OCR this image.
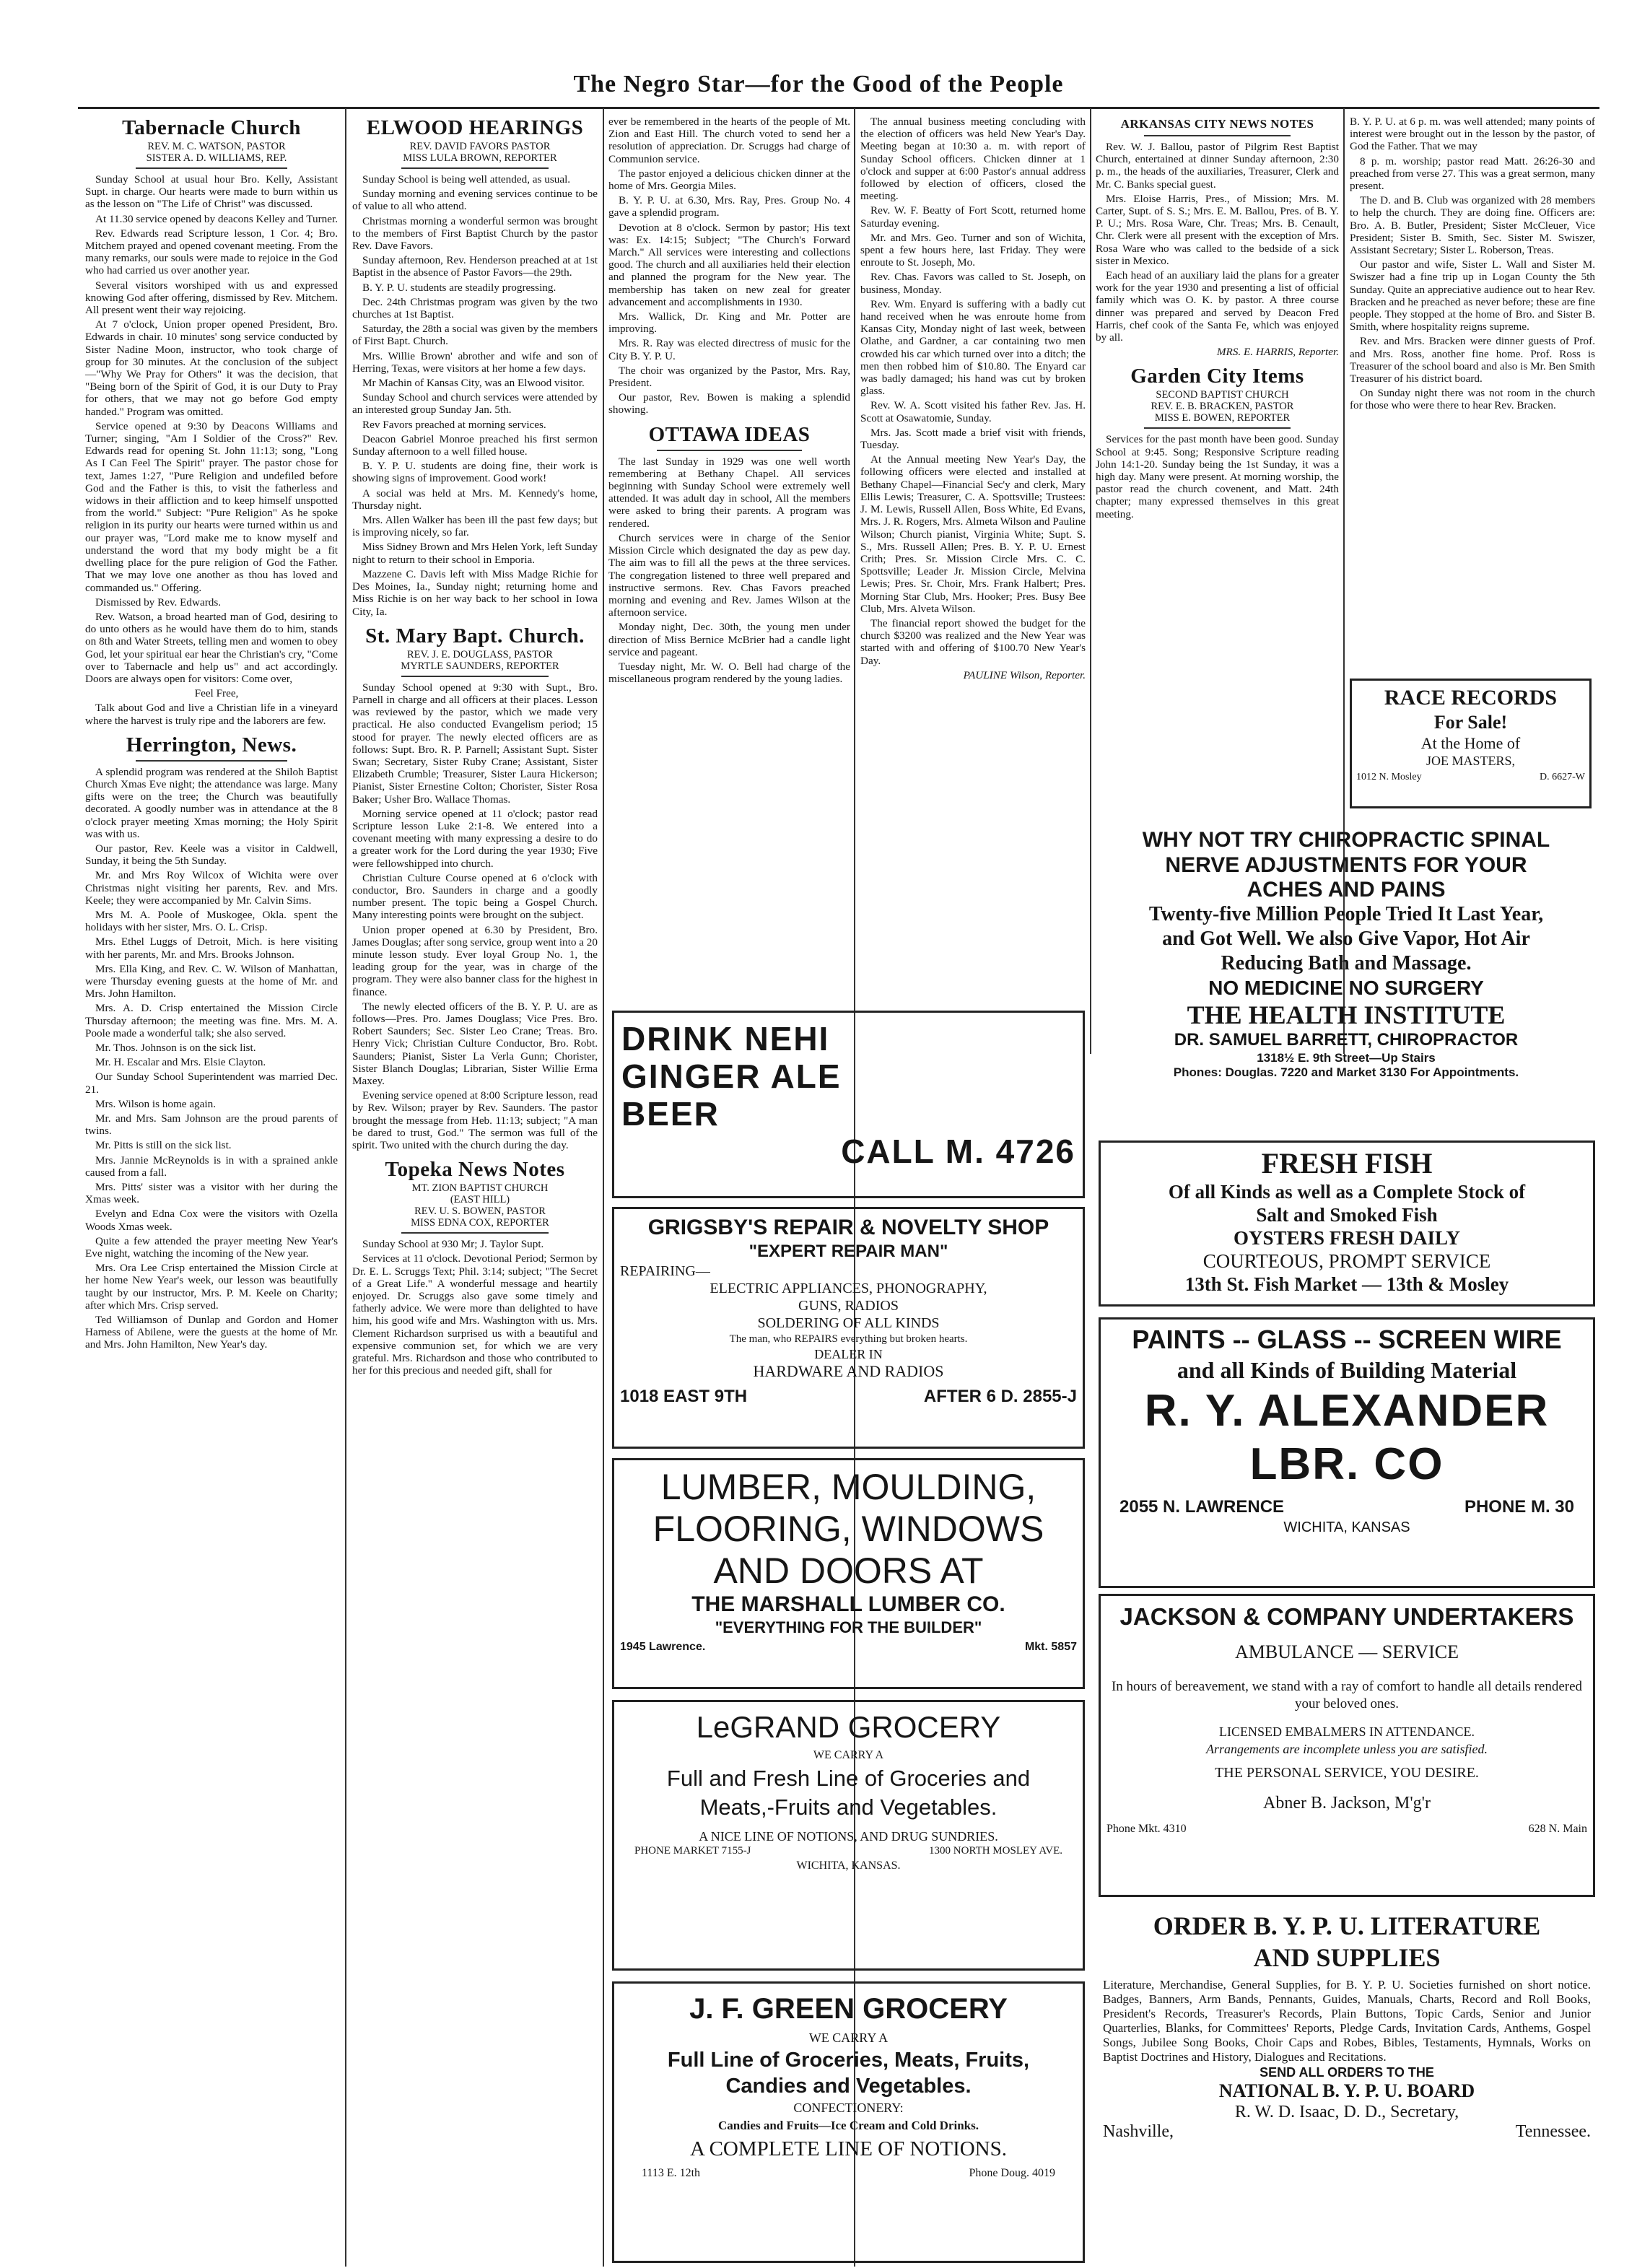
The Negro Star—for the Good of the People
Tabernacle Church

REV. M. C. WATSON, PASTOR

SISTER A. D. WILLIAMS, REP.

Sunday School at usual hour Bro. Kelly, Assistant Supt. in charge. Our hearts were made to burn within us as the lesson on "The Life of Christ" was discussed.

At 11.30 service opened by deacons Kelley and Turner.

Rev. Edwards read Scripture lesson, 1 Cor. 4; Bro. Mitchem prayed and opened covenant meeting. From the many remarks, our souls were made to rejoice in the God who had carried us over another year.

Several visitors worshiped with us and expressed knowing God after offering, dismissed by Rev. Mitchem. All present went their way rejoicing.

At 7 o'clock, Union proper opened President, Bro. Edwards in chair. 10 minutes' song service conducted by Sister Nadine Moon, instructor, who took charge of group for 30 minutes. At the conclusion of the subject—"Why We Pray for Others" it was the decision, that "Being born of the Spirit of God, it is our Duty to Pray for others, that we may not go before God empty handed." Program was omitted.

Service opened at 9:30 by Deacons Williams and Turner; singing, "Am I Soldier of the Cross?" Rev. Edwards read for opening St. John 11:13; song, "Long As I Can Feel The Spirit" prayer. The pastor chose for text, James 1:27, "Pure Religion and undefiled before God and the Father is this, to visit the fatherless and widows in their affliction and to keep himself unspotted from the world." Subject: "Pure Religion" As he spoke religion in its purity our hearts were turned within us and our prayer was, "Lord make me to know myself and understand the word that my body might be a fit dwelling place for the pure religion of God the Father. That we may love one another as thou has loved and commanded us." Offering.

Dismissed by Rev. Edwards.

Rev. Watson, a broad hearted man of God, desiring to do unto others as he would have them do to him, stands on 8th and Water Streets, telling men and women to obey God, let your spiritual ear hear the Christian's cry, "Come over to Tabernacle and help us" and act accordingly. Doors are always open for visitors: Come over,

Feel Free,

Talk about God and live a Christian life in a vineyard where the harvest is truly ripe and the laborers are few.

Herrington, News.

A splendid program was rendered at the Shiloh Baptist Church Xmas Eve night; the attendance was large. Many gifts were on the tree; the Church was beautifully decorated. A goodly number was in attendance at the 8 o'clock prayer meeting Xmas morning; the Holy Spirit was with us.

Our pastor, Rev. Keele was a visitor in Caldwell, Sunday, it being the 5th Sunday.

Mr. and Mrs Roy Wilcox of Wichita were over Christmas night visiting her parents, Rev. and Mrs. Keele; they were accompanied by Mr. Calvin Sims.

Mrs M. A. Poole of Muskogee, Okla. spent the holidays with her sister, Mrs. O. L. Crisp.

Mrs. Ethel Luggs of Detroit, Mich. is here visiting with her parents, Mr. and Mrs. Brooks Johnson.

Mrs. Ella King, and Rev. C. W. Wilson of Manhattan, were Thursday evening guests at the home of Mr. and Mrs. John Hamilton.

Mrs. A. D. Crisp entertained the Mission Circle Thursday afternoon; the meeting was fine. Mrs. M. A. Poole made a wonderful talk; she also served.

Mr. Thos. Johnson is on the sick list.

Mr. H. Escalar and Mrs. Elsie Clayton.

Our Sunday School Superintendent was married Dec. 21.

Mrs. Wilson is home again.

Mr. and Mrs. Sam Johnson are the proud parents of twins.

Mr. Pitts is still on the sick list.

Mrs. Jannie McReynolds is in with a sprained ankle caused from a fall.

Mrs. Pitts' sister was a visitor with her during the Xmas week.

Evelyn and Edna Cox were the visitors with Ozella Woods Xmas week.

Quite a few attended the prayer meeting New Year's Eve night, watching the incoming of the New year.

Mrs. Ora Lee Crisp entertained the Mission Circle at her home New Year's week, our lesson was beautifully taught by our instructor, Mrs. P. M. Keele on Charity; after which Mrs. Crisp served.

Ted Williamson of Dunlap and Gordon and Homer Harness of Abilene, were the guests at the home of Mr. and Mrs. John Hamilton, New Year's day.

ELWOOD HEARINGS

REV. DAVID FAVORS PASTOR

MISS LULA BROWN, REPORTER

Sunday School is being well attended, as usual.

Sunday morning and evening services continue to be of value to all who attend.

Christmas morning a wonderful sermon was brought to the members of First Baptist Church by the pastor Rev. Dave Favors.

Sunday afternoon, Rev. Henderson preached at at 1st Baptist in the absence of Pastor Favors—the 29th.

B. Y. P. U. students are steadily progressing.

Dec. 24th Christmas program was given by the two churches at 1st Baptist.

Saturday, the 28th a social was given by the members of First Bapt. Church.

Mrs. Willie Brown' abrother and wife and son of Herring, Texas, were visitors at her home a few days.

Mr Machin of Kansas City, was an Elwood visitor.

Sunday School and church services were attended by an interested group Sunday Jan. 5th.

Rev Favors preached at morning services.

Deacon Gabriel Monroe preached his first sermon Sunday afternoon to a well filled house.

B. Y. P. U. students are doing fine, their work is showing signs of improvement. Good work!

A social was held at Mrs. M. Kennedy's home, Thursday night.

Mrs. Allen Walker has been ill the past few days; but is improving nicely, so far.

Miss Sidney Brown and Mrs Helen York, left Sunday night to return to their school in Emporia.

Mazzene C. Davis left with Miss Madge Richie for Des Moines, Ia., Sunday night; returning home and Miss Richie is on her way back to her school in Iowa City, Ia.

St. Mary Bapt. Church.

REV. J. E. DOUGLASS, PASTOR

MYRTLE SAUNDERS, REPORTER

Sunday School opened at 9:30 with Supt., Bro. Parnell in charge and all officers at their places. Lesson was reviewed by the pastor, which we made very practical. He also conducted Evangelism period; 15 stood for prayer. The newly elected officers are as follows: Supt. Bro. R. P. Parnell; Assistant Supt. Sister Swan; Secretary, Sister Ruby Crane; Assistant, Sister Elizabeth Crumble; Treasurer, Sister Laura Hickerson; Pianist, Sister Ernestine Colton; Chorister, Sister Rosa Baker; Usher Bro. Wallace Thomas.

Morning service opened at 11 o'clock; pastor read Scripture lesson Luke 2:1-8. We entered into a covenant meeting with many expressing a desire to do a greater work for the Lord during the year 1930; Five were fellowshipped into church.

Christian Culture Course opened at 6 o'clock with conductor, Bro. Saunders in charge and a goodly number present. The topic being a Gospel Church. Many interesting points were brought on the subject.

Union proper opened at 6.30 by President, Bro. James Douglas; after song service, group went into a 20 minute lesson study. Ever loyal Group No. 1, the leading group for the year, was in charge of the program. They were also banner class for the highest in finance.

The newly elected officers of the B. Y. P. U. are as follows—Pres. Pro. James Douglass; Vice Pres. Bro. Robert Saunders; Sec. Sister Leo Crane; Treas. Bro. Henry Vick; Christian Culture Conductor, Bro. Robt. Saunders; Pianist, Sister La Verla Gunn; Chorister, Sister Blanch Douglas; Librarian, Sister Willie Erma Maxey.

Evening service opened at 8:00 Scripture lesson, read by Rev. Wilson; prayer by Rev. Saunders. The pastor brought the message from Heb. 11:13; subject; "A man be dared to trust, God." The sermon was full of the spirit. Two united with the church during the day.

Topeka News Notes

MT. ZION BAPTIST CHURCH

(EAST HILL)

REV. U. S. BOWEN, PASTOR

MISS EDNA COX, REPORTER

Sunday School at 930 Mr; J. Taylor Supt.

Services at 11 o'clock. Devotional Period; Sermon by Dr. E. L. Scruggs Text; Phil. 3:14; subject; "The Secret of a Great Life." A wonderful message and heartily enjoyed. Dr. Scruggs also gave some timely and fatherly advice. We were more than delighted to have him, his good wife and Mrs. Washington with us. Mrs. Clement Richardson surprised us with a beautiful and expensive communion set, for which we are very grateful. Mrs. Richardson and those who contributed to her for this precious and needed gift, shall for

ever be remembered in the hearts of the people of Mt. Zion and East Hill. The church voted to send her a resolution of appreciation. Dr. Scruggs had charge of Communion service.

The pastor enjoyed a delicious chicken dinner at the home of Mrs. Georgia Miles.

B. Y. P. U. at 6.30, Mrs. Ray, Pres. Group No. 4 gave a splendid program.

Devotion at 8 o'clock. Sermon by pastor; His text was: Ex. 14:15; Subject; "The Church's Forward March." All services were interesting and collections good. The church and all auxiliaries held their election and planned the program for the New year. The membership has taken on new zeal for greater advancement and accomplishments in 1930.

Mrs. Wallick, Dr. King and Mr. Potter are improving.

Mrs. R. Ray was elected directress of music for the City B. Y. P. U.

The choir was organized by the Pastor, Mrs. Ray, President.

Our pastor, Rev. Bowen is making a splendid showing.

OTTAWA IDEAS

The last Sunday in 1929 was one well worth remembering at Bethany Chapel. All services beginning with Sunday School were extremely well attended. It was adult day in school, All the members were asked to bring their parents. A program was rendered.

Church services were in charge of the Senior Mission Circle which designated the day as pew day. The aim was to fill all the pews at the three services. The congregation listened to three well prepared and instructive sermons. Rev. Chas Favors preached morning and evening and Rev. James Wilson at the afternoon service.

Monday night, Dec. 30th, the young men under direction of Miss Bernice McBrier had a candle light service and pageant.

Tuesday night, Mr. W. O. Bell had charge of the miscellaneous program rendered by the young ladies.

The annual business meeting concluding with the election of officers was held New Year's Day. Meeting began at 10:30 a. m. with report of Sunday School officers. Chicken dinner at 1 o'clock and supper at 6:00 Pastor's annual address followed by election of officers, closed the meeting.

Rev. W. F. Beatty of Fort Scott, returned home Saturday evening.

Mr. and Mrs. Geo. Turner and son of Wichita, spent a few hours here, last Friday. They were enroute to St. Joseph, Mo.

Rev. Chas. Favors was called to St. Joseph, on business, Monday.

Rev. Wm. Enyard is suffering with a badly cut hand received when he was enroute home from Kansas City, Monday night of last week, between Olathe, and Gardner, a car containing two men crowded his car which turned over into a ditch; the men then robbed him of $10.80. The Enyard car was badly damaged; his hand was cut by broken glass.

Rev. W. A. Scott visited his father Rev. Jas. H. Scott at Osawatomie, Sunday.

Mrs. Jas. Scott made a brief visit with friends, Tuesday.

At the Annual meeting New Year's Day, the following officers were elected and installed at Bethany Chapel—Financial Sec'y and clerk, Mary Ellis Lewis; Treasurer, C. A. Spottsville; Trustees: J. M. Lewis, Russell Allen, Boss White, Ed Evans, Mrs. J. R. Rogers, Mrs. Almeta Wilson and Pauline Wilson; Church pianist, Virginia White; Supt. S. S., Mrs. Russell Allen; Pres. B. Y. P. U. Ernest Crith; Pres. Sr. Mission Circle Mrs. C. C. Spottsville; Leader Jr. Mission Circle, Melvina Lewis; Pres. Sr. Choir, Mrs. Frank Halbert; Pres. Morning Star Club, Mrs. Hooker; Pres. Busy Bee Club, Mrs. Alveta Wilson.

The financial report showed the budget for the church $3200 was realized and the New Year was started with and offering of $100.70 New Year's Day.

PAULINE Wilson, Reporter.

ARKANSAS CITY NEWS NOTES

Rev. W. J. Ballou, pastor of Pilgrim Rest Baptist Church, entertained at dinner Sunday afternoon, 2:30 p. m., the heads of the auxiliaries, Treasurer, Clerk and Mr. C. Banks special guest.

Mrs. Eloise Harris, Pres., of Mission; Mrs. M. Carter, Supt. of S. S.; Mrs. E. M. Ballou, Pres. of B. Y. P. U.; Mrs. Rosa Ware, Chr. Treas; Mrs. B. Cenault, Chr. Clerk were all present with the exception of Mrs. Rosa Ware who was called to the bedside of a sick sister in Mexico.

Each head of an auxiliary laid the plans for a greater work for the year 1930 and presenting a list of official family which was O. K. by pastor. A three course dinner was prepared and served by Deacon Fred Harris, chef cook of the Santa Fe, which was enjoyed by all.

MRS. E. HARRIS, Reporter.

Garden City Items

SECOND BAPTIST CHURCH

REV. E. B. BRACKEN, PASTOR

MISS E. BOWEN, REPORTER

Services for the past month have been good. Sunday School at 9:45. Song; Responsive Scripture reading John 14:1-20. Sunday being the 1st Sunday, it was a high day. Many were present. At morning worship, the pastor read the church covenent, and Matt. 24th chapter; many expressed themselves in this great meeting.

B. Y. P. U. at 6 p. m. was well attended; many points of interest were brought out in the lesson by the pastor, of God the Father. That we may

8 p. m. worship; pastor read Matt. 26:26-30 and preached from verse 27. This was a great sermon, many present.

The D. and B. Club was organized with 28 members to help the church. They are doing fine. Officers are: Bro. A. B. Butler, President; Sister McCleuer, Vice President; Sister B. Smith, Sec. Sister M. Swiszer, Assistant Secretary; Sister L. Roberson, Treas.

Our pastor and wife, Sister L. Wall and Sister M. Swiszer had a fine trip up in Logan County the 5th Sunday. Quite an appreciative audience out to hear Rev. Bracken and he preached as never before; these are fine people. They stopped at the home of Bro. and Sister B. Smith, where hospitality reigns supreme.

Rev. and Mrs. Bracken were dinner guests of Prof. and Mrs. Ross, another fine home. Prof. Ross is Treasurer of the school board and also is Mr. Ben Smith Treasurer of his district board.

On Sunday night there was not room in the church for those who were there to hear Rev. Bracken.

RACE RECORDS
For Sale!
At the Home of
JOE MASTERS,
1012 N. Mosley	D. 6627-W
WHY NOT TRY CHIROPRACTIC SPINAL
NERVE ADJUSTMENTS FOR YOUR
ACHES AND PAINS
Twenty-five Million People Tried It Last Year,
and Got Well. We also Give Vapor, Hot Air
Reducing Bath and Massage.
NO MEDICINE NO SURGERY
THE HEALTH INSTITUTE
DR. SAMUEL BARRETT, CHIROPRACTOR
1318½ E. 9th Street—Up Stairs
Phones: Douglas. 7220 and Market 3130 For Appointments.
FRESH FISH
Of all Kinds as well as a Complete Stock of
Salt and Smoked Fish
OYSTERS FRESH DAILY
COURTEOUS, PROMPT SERVICE
13th St. Fish Market — 13th & Mosley
PAINTS -- GLASS -- SCREEN WIRE
and all Kinds of Building Material
R. Y. ALEXANDER LBR. CO
2055 N. LAWRENCE	PHONE M. 30
WICHITA, KANSAS
JACKSON & COMPANY UNDERTAKERS
AMBULANCE — SERVICE
In hours of bereavement, we stand with a ray of comfort to handle all details rendered your beloved ones.
LICENSED EMBALMERS IN ATTENDANCE.
Arrangements are incomplete unless you are satisfied.
THE PERSONAL SERVICE, YOU DESIRE.
Abner B. Jackson, M'g'r
Phone Mkt. 4310	628 N. Main
ORDER B. Y. P. U. LITERATURE
AND SUPPLIES
Literature, Merchandise, General Supplies, for B. Y. P. U. Societies furnished on short notice. Badges, Banners, Arm Bands, Pennants, Guides, Manuals, Charts, Record and Roll Books, President's Records, Treasurer's Records, Plain Buttons, Topic Cards, Senior and Junior Quarterlies, Blanks, for Committees' Reports, Pledge Cards, Invitation Cards, Anthems, Gospel Songs, Jubilee Song Books, Choir Caps and Robes, Bibles, Testaments, Hymnals, Works on Baptist Doctrines and History, Dialogues and Recitations.
SEND ALL ORDERS TO THE
NATIONAL B. Y. P. U. BOARD
R. W. D. Isaac, D. D., Secretary,
Nashville,	Tennessee.
DRINK NEHI
GINGER ALE
BEER
CALL M. 4726
GRIGSBY'S REPAIR & NOVELTY SHOP
"EXPERT REPAIR MAN"
REPAIRING—
ELECTRIC APPLIANCES, PHONOGRAPHY,
GUNS, RADIOS
SOLDERING OF ALL KINDS
The man, who REPAIRS everything but broken hearts.
DEALER IN
HARDWARE AND RADIOS
1018 EAST 9TH	AFTER 6 D. 2855-J
LUMBER, MOULDING,
FLOORING, WINDOWS
AND DOORS AT
THE MARSHALL LUMBER CO.
"EVERYTHING FOR THE BUILDER"
1945 Lawrence.	Mkt. 5857
LeGRAND GROCERY
WE CARRY A
Full and Fresh Line of Groceries and
Meats,-Fruits and Vegetables.
A NICE LINE OF NOTIONS, AND DRUG SUNDRIES.
PHONE MARKET 7155-J	1300 NORTH MOSLEY AVE.
WICHITA, KANSAS.
J. F. GREEN GROCERY
WE CARRY A
Full Line of Groceries, Meats, Fruits,
Candies and Vegetables.
CONFECTIONERY:
Candies and Fruits—Ice Cream and Cold Drinks.
A COMPLETE LINE OF NOTIONS.
1113 E. 12th	Phone Doug. 4019
